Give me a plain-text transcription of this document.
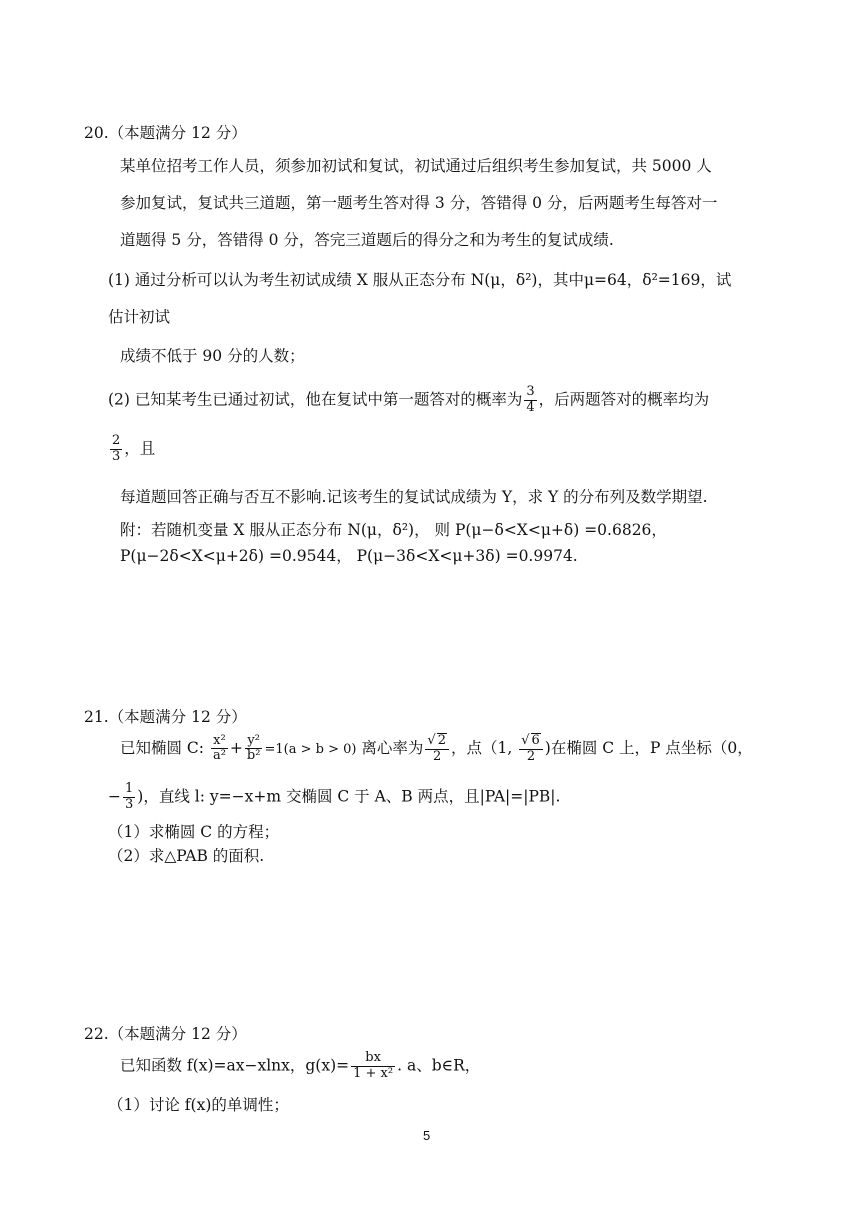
20.（本题满分 12 分）
某单位招考工作人员，须参加初试和复试，初试通过后组织考生参加复试，共 5000 人
参加复试，复试共三道题，第一题考生答对得 3 分，答错得 0 分，后两题考生每答对一
道题得 5 分，答错得 0 分，答完三道题后的得分之和为考生的复试成绩.
(1) 通过分析可以认为考生初试成绩 X 服从正态分布 N(μ，δ²)，其中μ=64，δ²=169，试
估计初试
成绩不低于 90 分的人数；
(2) 已知某考生已通过初试，他在复试中第一题答对的概率为 $\frac{3}{4}$ ，后两题答对的概率均为
$\frac{2}{3}$ ，且
每道题回答正确与否互不影响.记该考生的复试试成绩为 Y，求 Y 的分布列及数学期望.
附：若随机变量 X 服从正态分布 N(μ，δ²)， 则 P(μ−δ<X<μ+δ) =0.6826，
P(μ−2δ<X<μ+2δ) =0.9544， P(μ−3δ<X<μ+3δ) =0.9974.
21.（本题满分 12 分）
已知椭圆 C: $\frac{\text{x²}}{\text{a²}} + \frac{\text{y²}}{\text{b²}} =1(a > b > 0)$ 离心率为 $\frac{√ 2}{2}$ ，点（1, $\frac{√ 6}{2}$ )在椭圆 C 上，P 点坐标（0，
− $\frac{1}{3}$ )，直线 l: y=−x+m 交椭圆 C 于 A、B 两点，且|PA|=|PB|.
（1）求椭圆 C 的方程；
（2）求△PAB 的面积.
22.（本题满分 12 分）
已知函数 f(x)=ax−xlnx，$g(x)= \frac{bx}{\text{1 + x²}}$ . a、b∈R，
（1）讨论 f(x)的单调性；
5
